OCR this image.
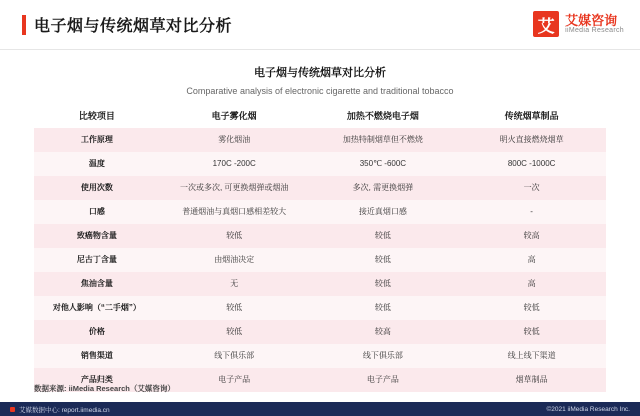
电子烟与传统烟草对比分析	艾 艾媒咨询
iiMedia Research
电子烟与传统烟草对比分析
Comparative analysis of electronic cigarette and traditional tobacco
比较项目	电子雾化烟	加热不燃烧电子烟	传统烟草制品
工作原理	雾化烟油	加热特制烟草但不燃烧	明火直接燃烧烟草
温度	170C -200C	350℃ -600C	800C -1000C
使用次数	一次或多次, 可更换烟弹或烟油	多次, 需更换烟弹	一次
口感	普通烟油与真烟口感相差较大	接近真烟口感	-
致癌物含量	较低	较低	较高
尼古丁含量	由烟油决定	较低	高
焦油含量	无	较低	高
对他人影响（“二手烟”）	较低	较低	较低
价格	较低	较高	较低
销售渠道	线下俱乐部	线下俱乐部	线上线下渠道
产品归类	电子产品	电子产品	烟草制品
数据来源: iiMedia Research（艾媒咨询）
艾媒数据中心: report.iimedia.cn	©2021 iiMedia Research Inc.
